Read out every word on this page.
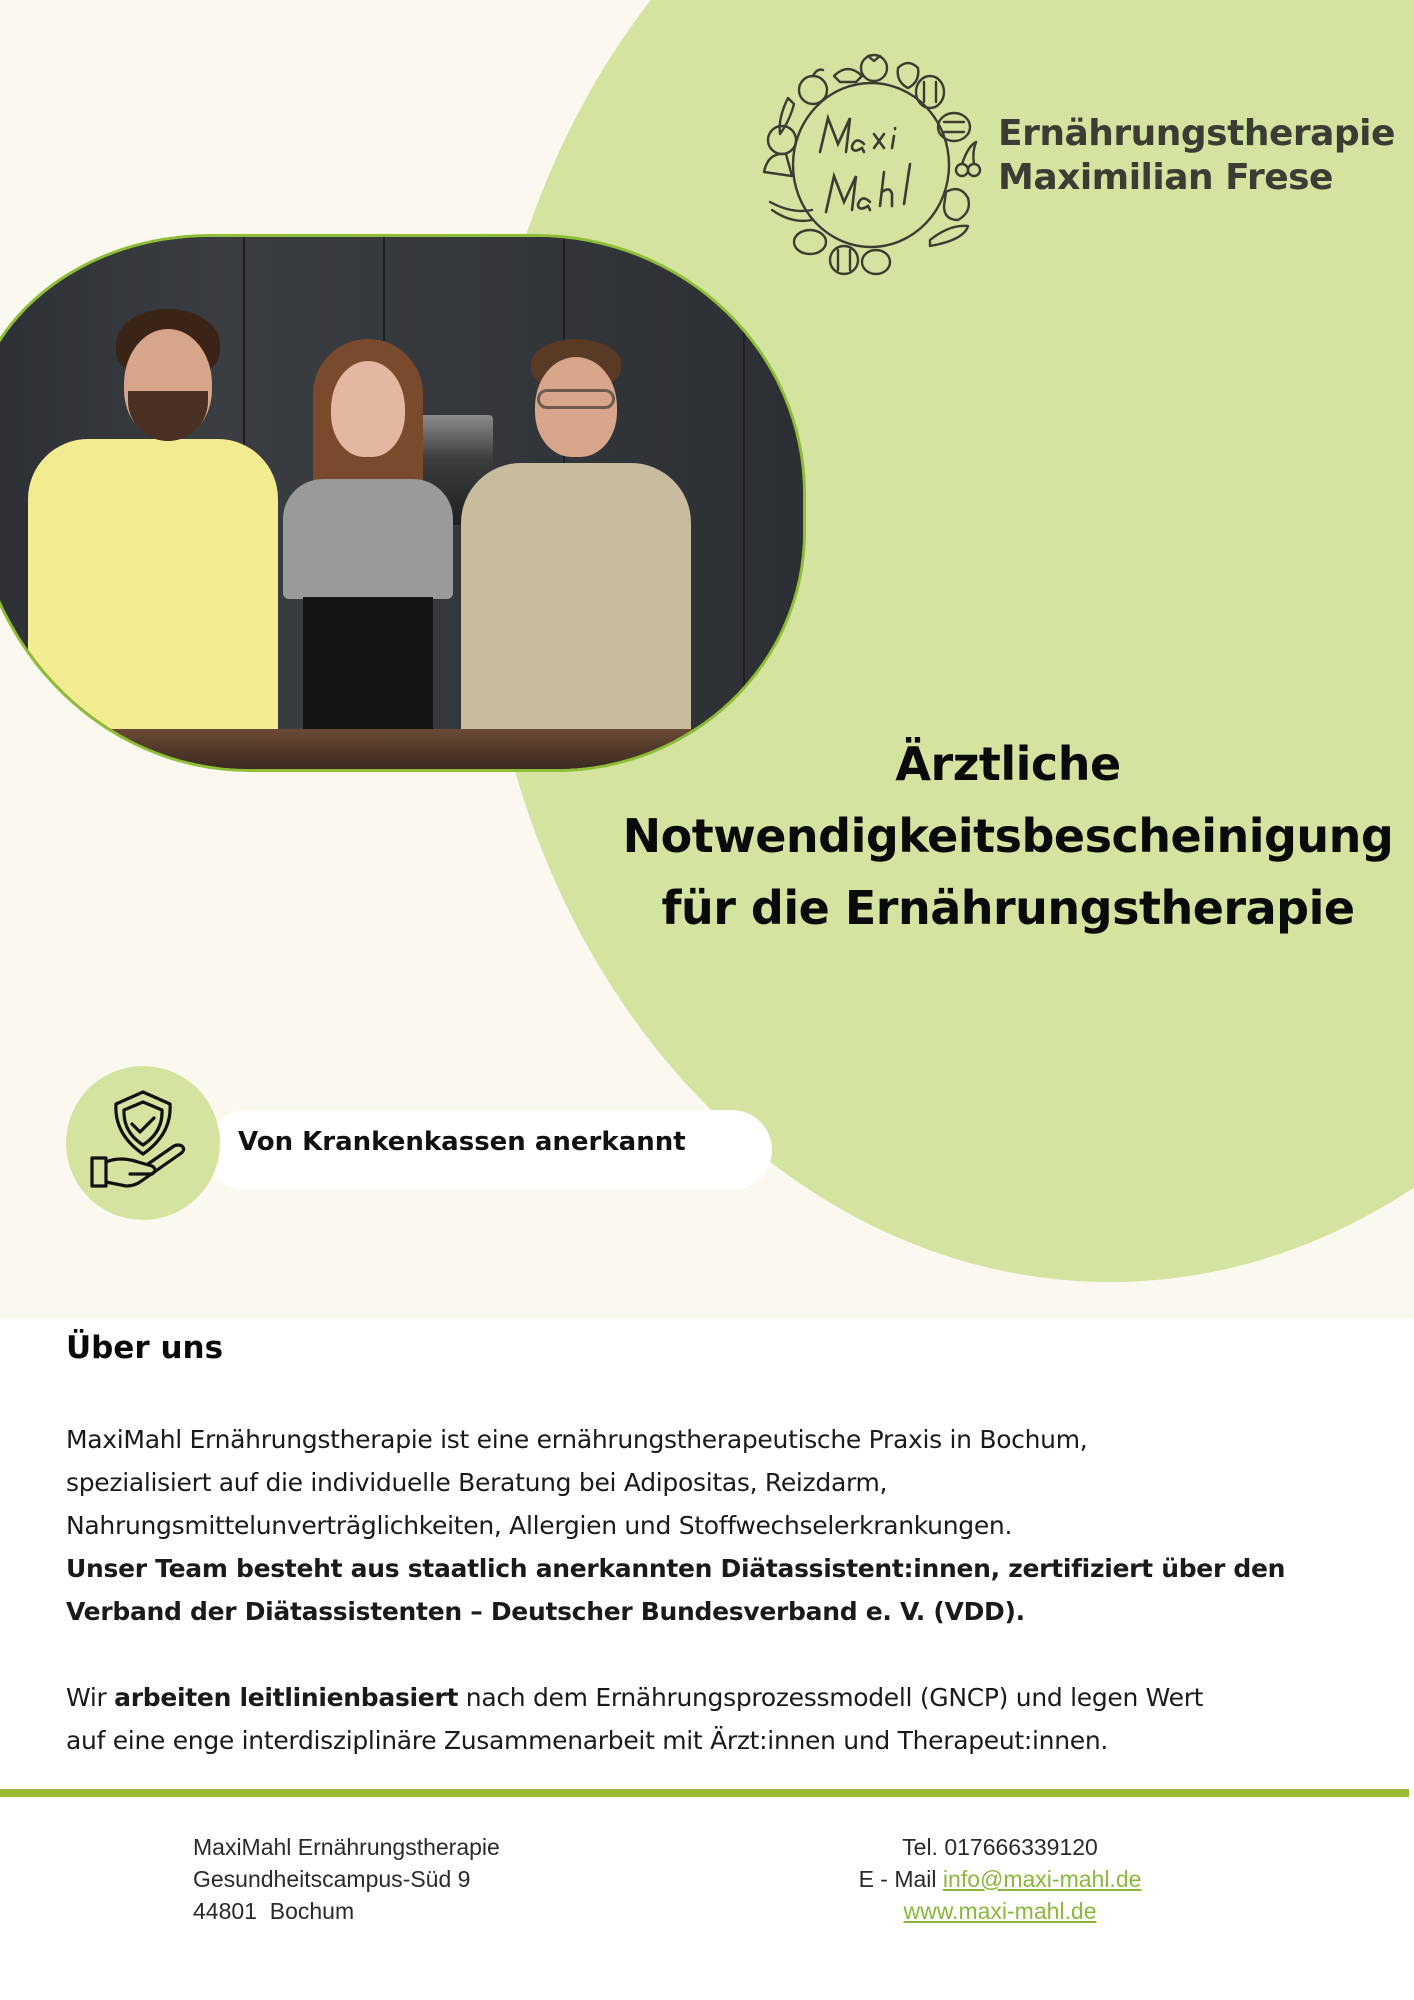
Ernährungstherapie
Maximilian Frese
Ärztliche
Notwendigkeitsbescheinigung
für die Ernährungstherapie
Von Krankenkassen anerkannt
Über uns

MaxiMahl Ernährungstherapie ist eine ernährungstherapeutische Praxis in Bochum,

spezialisiert auf die individuelle Beratung bei Adipositas, Reizdarm,

Nahrungsmittelunverträglichkeiten, Allergien und Stoffwechselerkrankungen.

Unser Team besteht aus staatlich anerkannten Diätassistent:innen, zertifiziert über den

Verband der Diätassistenten – Deutscher Bundesverband e. V. (VDD).

Wir arbeiten leitlinienbasiert nach dem Ernährungsprozessmodell (GNCP) und legen Wert

auf eine enge interdisziplinäre Zusammenarbeit mit Ärzt:innen und Therapeut:innen.

MaxiMahl Ernährungstherapie
Gesundheitscampus-Süd 9
44801  Bochum
Tel. 017666339120
E - Mail info@maxi-mahl.de
www.maxi-mahl.de
